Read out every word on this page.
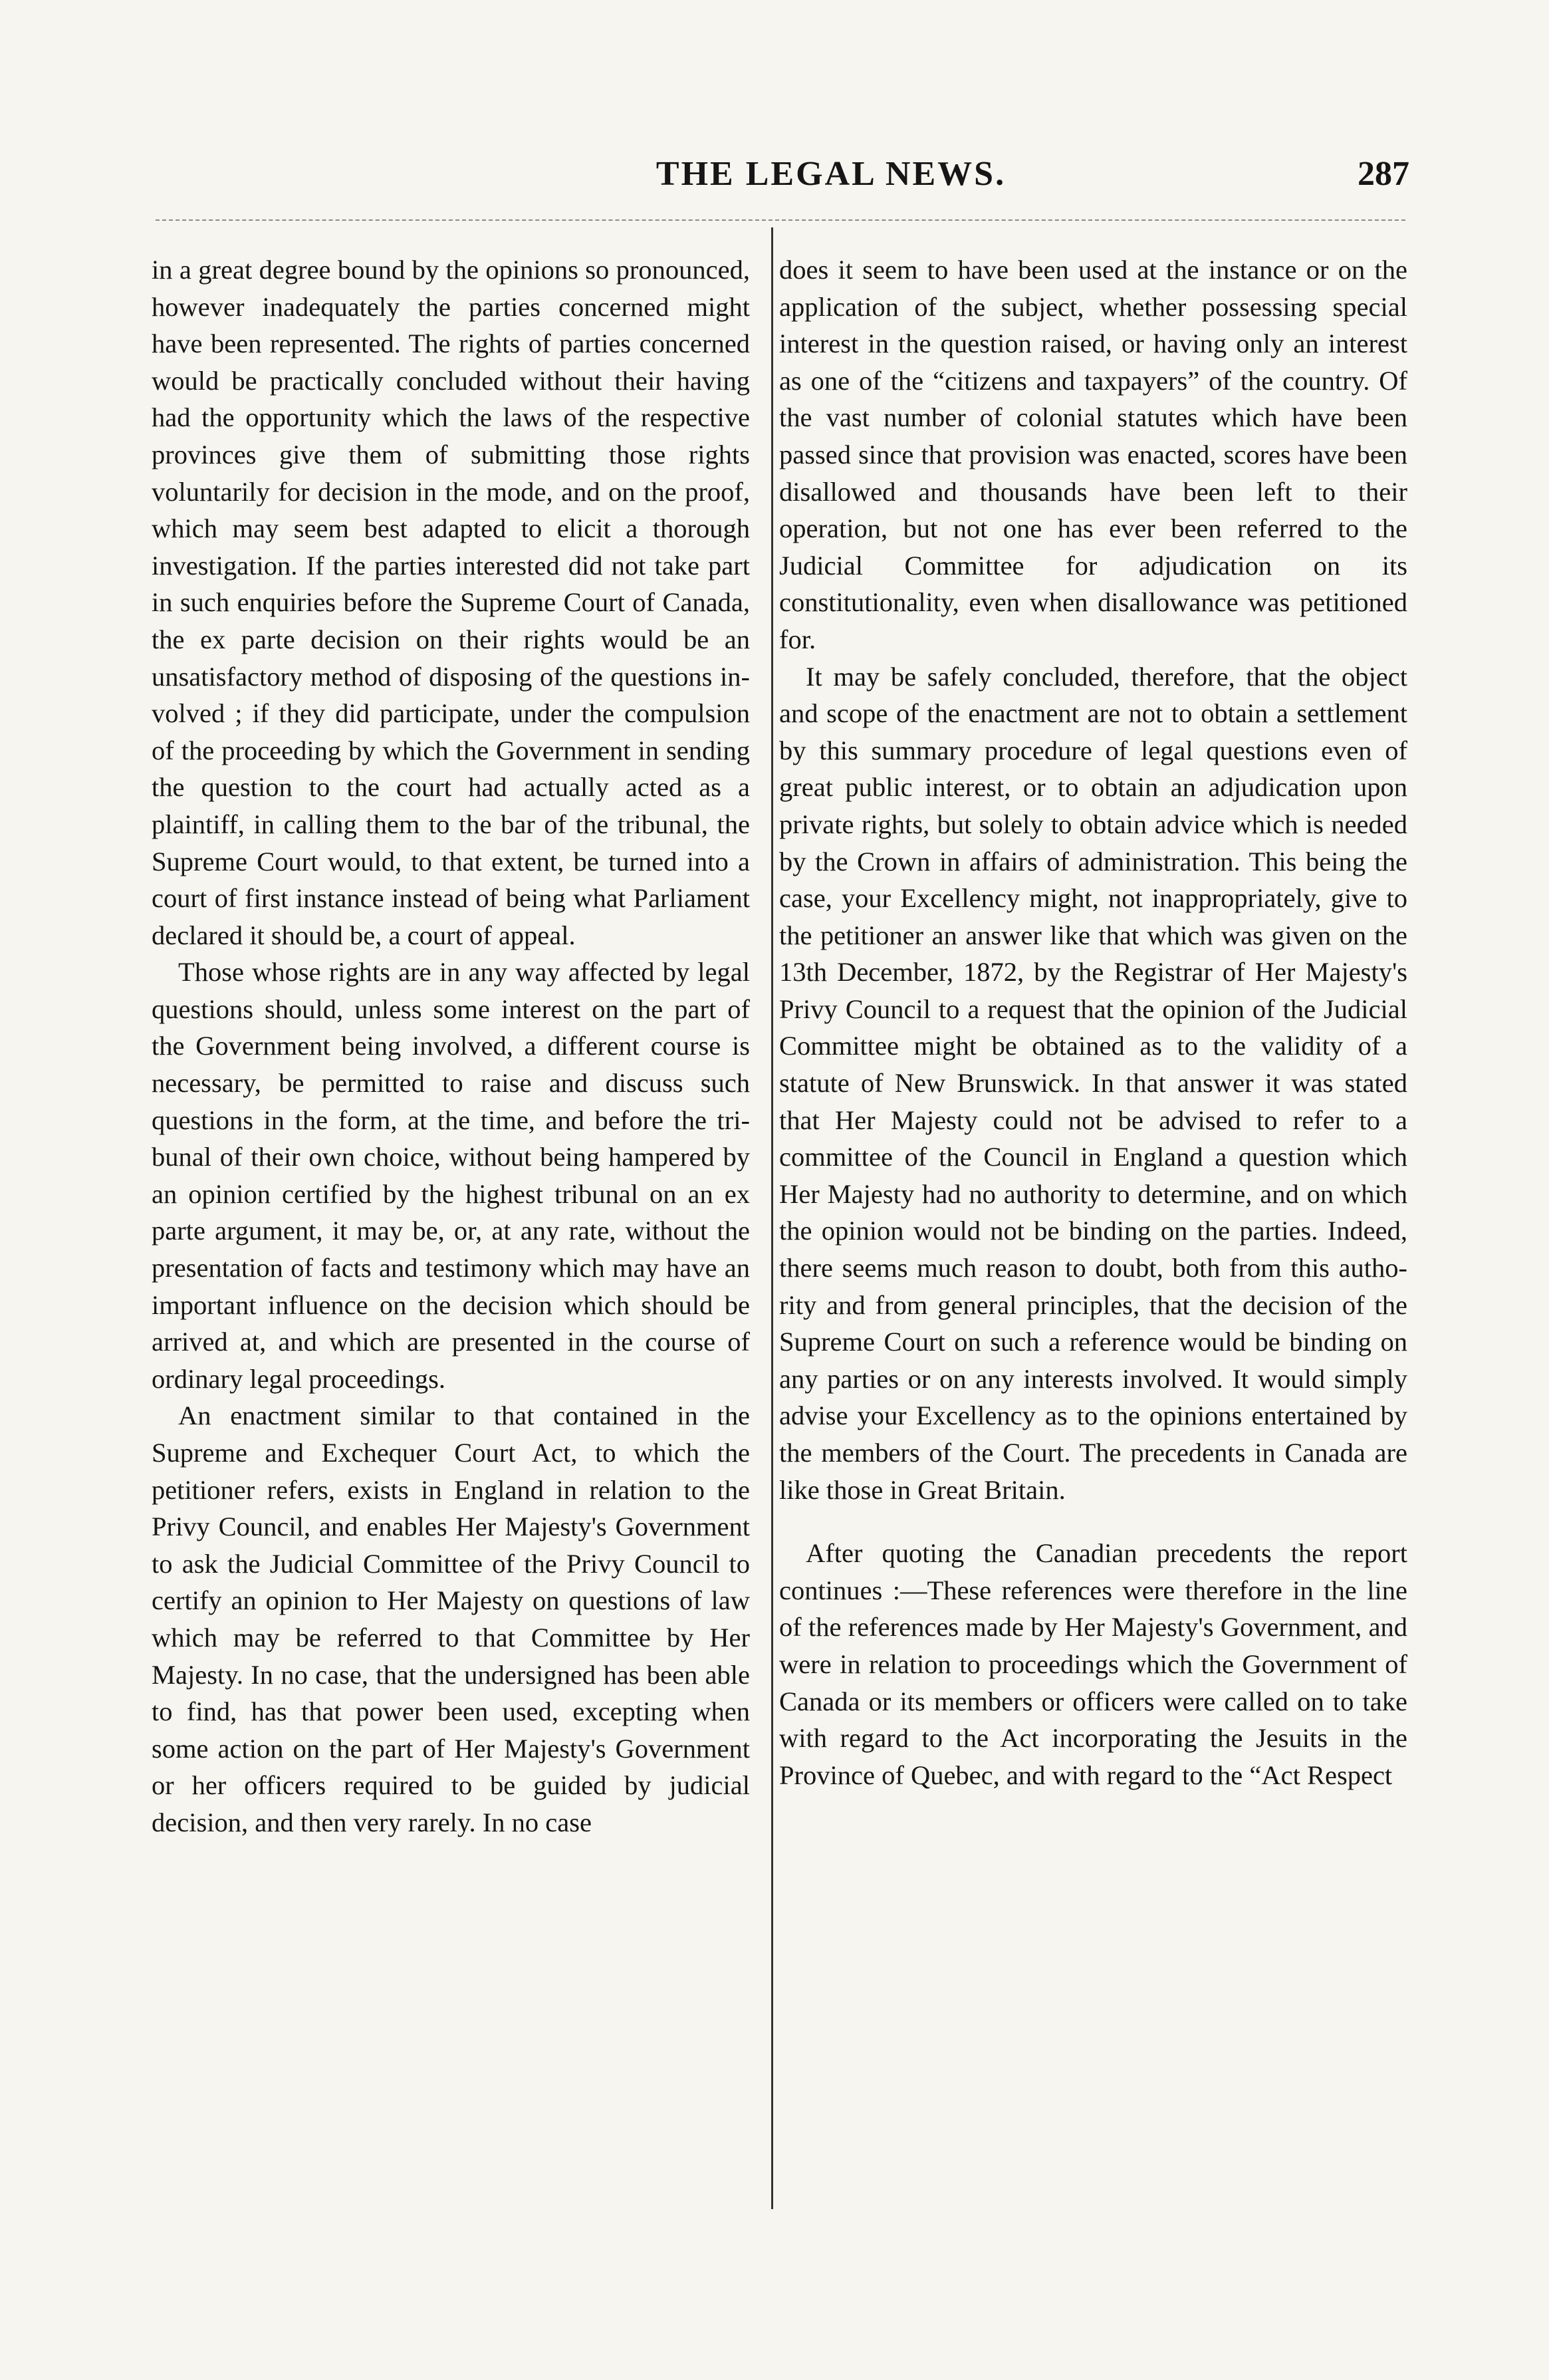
THE LEGAL NEWS.	287

in a great degree bound by the opinions so pronounced, however inadequately the parties concerned might have been represented. The rights of parties concerned would be practically concluded without their having had the opportunity which the laws of the respective provinces give them of submitting those rights voluntarily for decision in the mode, and on the proof, which may seem best adapted to elicit a thorough investigation. If the parties interested did not take part in such enquiries before the Supreme Court of Canada, the ex parte decision on their rights would be an unsatisfactory method of disposing of the questions involved ; if they did participate, under the compulsion of the proceeding by which the Government in sending the question to the court had actually acted as a plaintiff, in calling them to the bar of the tribunal, the Supreme Court would, to that extent, be turned into a court of first instance instead of being what Parliament declared it should be, a court of appeal.

Those whose rights are in any way affected by legal questions should, unless some interest on the part of the Government being involved, a different course is necessary, be permitted to raise and discuss such questions in the form, at the time, and before the tribunal of their own choice, without being hampered by an opinion certified by the highest tribunal on an ex parte argument, it may be, or, at any rate, without the presentation of facts and testimony which may have an important influence on the decision which should be arrived at, and which are presented in the course of ordinary legal proceedings.

An enactment similar to that contained in the Supreme and Exchequer Court Act, to which the petitioner refers, exists in England in relation to the Privy Council, and enables Her Majesty's Government to ask the Judicial Committee of the Privy Council to certify an opinion to Her Majesty on questions of law which may be referred to that Committee by Her Majesty. In no case, that the undersigned has been able to find, has that power been used, excepting when some action on the part of Her Majesty's Government or her officers required to be guided by judicial decision, and then very rarely. In no case

does it seem to have been used at the instance or on the application of the subject, whether possessing special interest in the question raised, or having only an interest as one of the “citizens and taxpayers” of the country. Of the vast number of colonial statutes which have been passed since that provision was enacted, scores have been disallowed and thousands have been left to their operation, but not one has ever been referred to the Judicial Committee for adjudication on its constitutionality, even when disallowance was petitioned for.

It may be safely concluded, therefore, that the object and scope of the enactment are not to obtain a settlement by this summary procedure of legal questions even of great public interest, or to obtain an adjudication upon private rights, but solely to obtain advice which is needed by the Crown in affairs of administration. This being the case, your Excellency might, not inappropriately, give to the petitioner an answer like that which was given on the 13th December, 1872, by the Registrar of Her Majesty's Privy Council to a request that the opinion of the Judicial Committee might be obtained as to the validity of a statute of New Brunswick. In that answer it was stated that Her Majesty could not be advised to refer to a committee of the Council in England a question which Her Majesty had no authority to determine, and on which the opinion would not be binding on the parties. Indeed, there seems much reason to doubt, both from this authority and from general principles, that the decision of the Supreme Court on such a reference would be binding on any parties or on any interests involved. It would simply advise your Excellency as to the opinions entertained by the members of the Court. The precedents in Canada are like those in Great Britain.

After quoting the Canadian precedents the report continues :—These references were therefore in the line of the references made by Her Majesty's Government, and were in relation to proceedings which the Government of Canada or its members or officers were called on to take with regard to the Act incorporating the Jesuits in the Province of Quebec, and with regard to the “Act Respect
